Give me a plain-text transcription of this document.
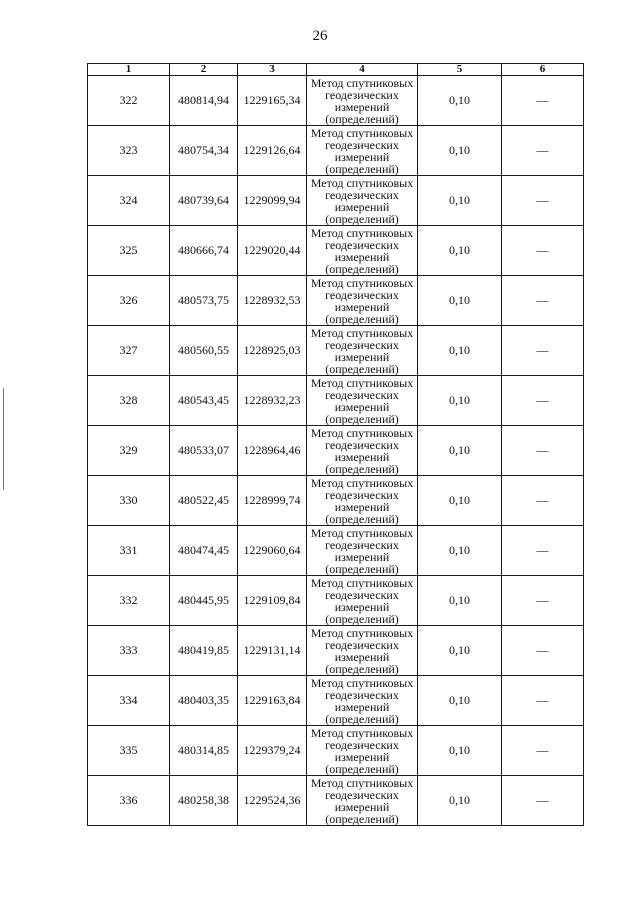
26
1	2	3	4	5	6
322	480814,94	1229165,34	Метод спутниковых
геодезических
измерений
(определений)	0,10	—
323	480754,34	1229126,64	Метод спутниковых
геодезических
измерений
(определений)	0,10	—
324	480739,64	1229099,94	Метод спутниковых
геодезических
измерений
(определений)	0,10	—
325	480666,74	1229020,44	Метод спутниковых
геодезических
измерений
(определений)	0,10	—
326	480573,75	1228932,53	Метод спутниковых
геодезических
измерений
(определений)	0,10	—
327	480560,55	1228925,03	Метод спутниковых
геодезических
измерений
(определений)	0,10	—
328	480543,45	1228932,23	Метод спутниковых
геодезических
измерений
(определений)	0,10	—
329	480533,07	1228964,46	Метод спутниковых
геодезических
измерений
(определений)	0,10	—
330	480522,45	1228999,74	Метод спутниковых
геодезических
измерений
(определений)	0,10	—
331	480474,45	1229060,64	Метод спутниковых
геодезических
измерений
(определений)	0,10	—
332	480445,95	1229109,84	Метод спутниковых
геодезических
измерений
(определений)	0,10	—
333	480419,85	1229131,14	Метод спутниковых
геодезических
измерений
(определений)	0,10	—
334	480403,35	1229163,84	Метод спутниковых
геодезических
измерений
(определений)	0,10	—
335	480314,85	1229379,24	Метод спутниковых
геодезических
измерений
(определений)	0,10	—
336	480258,38	1229524,36	Метод спутниковых
геодезических
измерений
(определений)	0,10	—
